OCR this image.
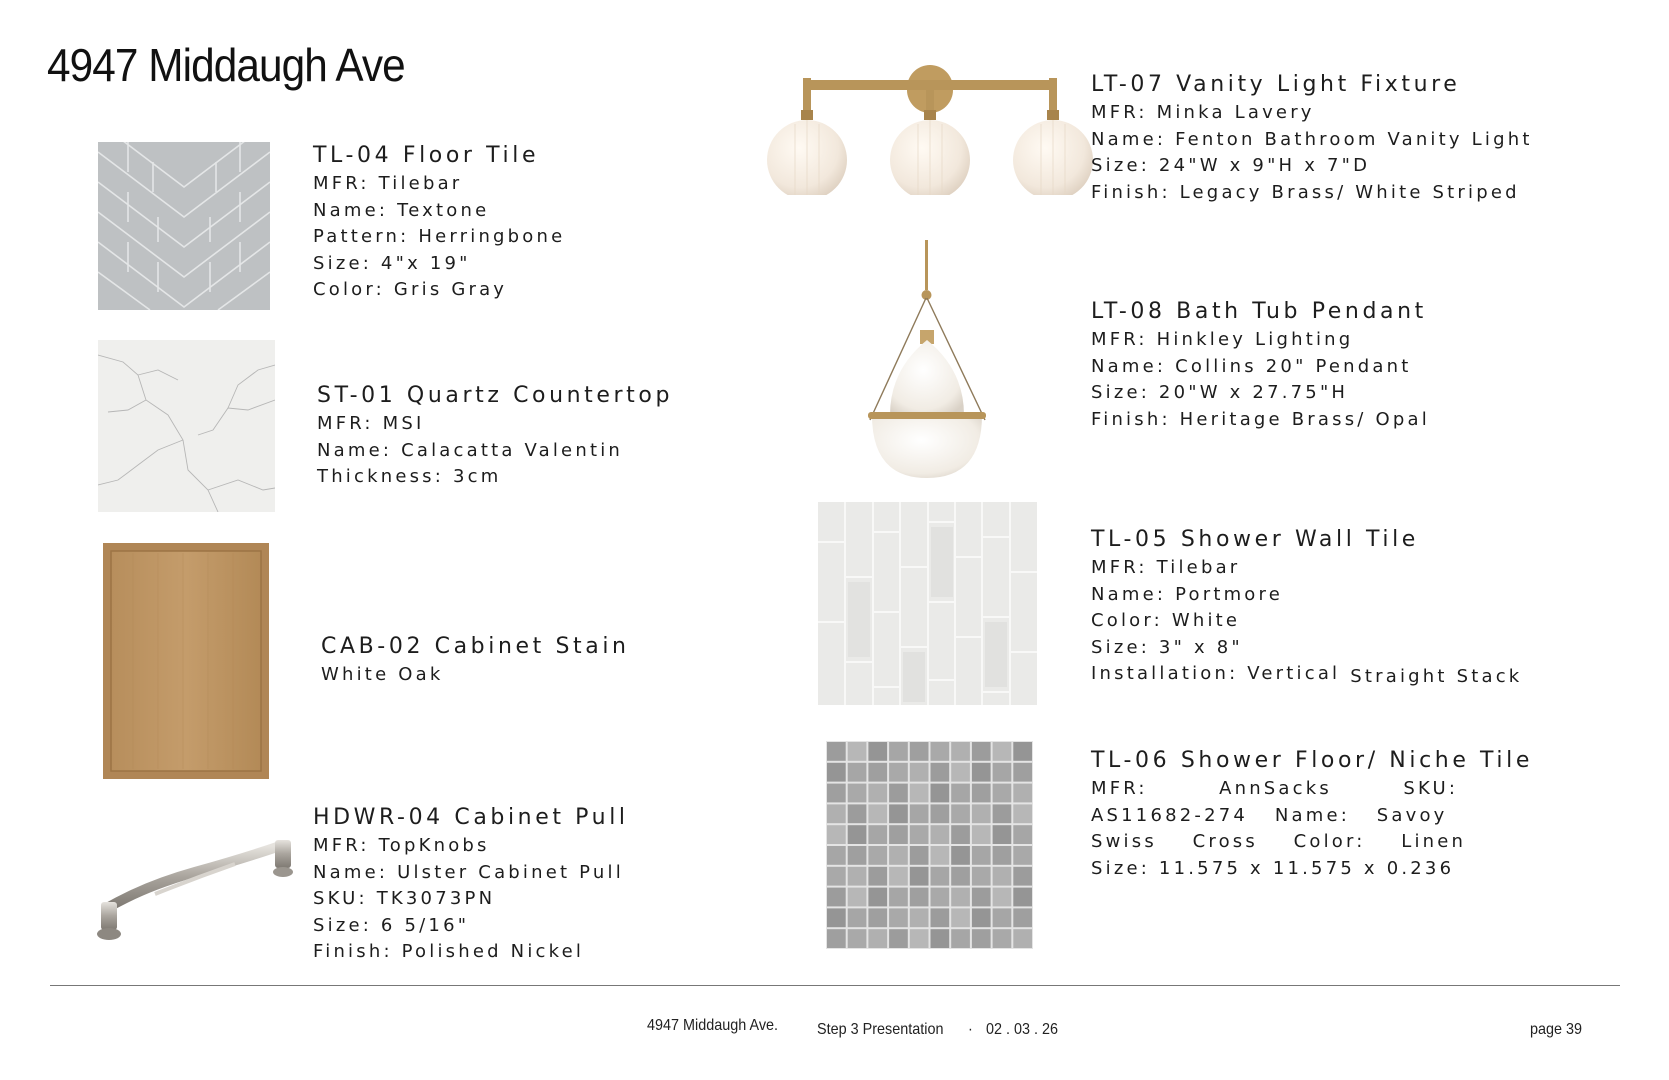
4947 Middaugh Ave
TL-04 Floor Tile
MFR: Tilebar
Name: Textone
Pattern: Herringbone
Size: 4"x 19"
Color: Gris Gray
ST-01 Quartz Countertop
MFR: MSI
Name: Calacatta Valentin
Thickness: 3cm
CAB-02 Cabinet Stain
White Oak
HDWR-04 Cabinet Pull
MFR: TopKnobs
Name: Ulster Cabinet Pull
SKU: TK3073PN
Size: 6 5/16"
Finish: Polished Nickel
LT-07 Vanity Light Fixture
MFR: Minka Lavery
Name: Fenton Bathroom Vanity Light
Size: 24"W x 9"H x 7"D
Finish: Legacy Brass/ White Striped
LT-08 Bath Tub Pendant
MFR: Hinkley Lighting
Name: Collins 20" Pendant
Size: 20"W x 27.75"H
Finish: Heritage Brass/ Opal
TL-05 Shower Wall Tile
MFR: Tilebar
Name: Portmore
Color: White
Size: 3" x 8"
Installation: Vertical Straight Stack
TL-06 Shower Floor/ Niche Tile
MFR:        AnnSacks        SKU:
AS11682-274   Name:   Savoy
Swiss    Cross    Color:    Linen
Size: 11.575 x 11.575 x 0.236
4947 Middaugh Ave. Step 3 Presentation · 02 . 03 . 26	page 39
